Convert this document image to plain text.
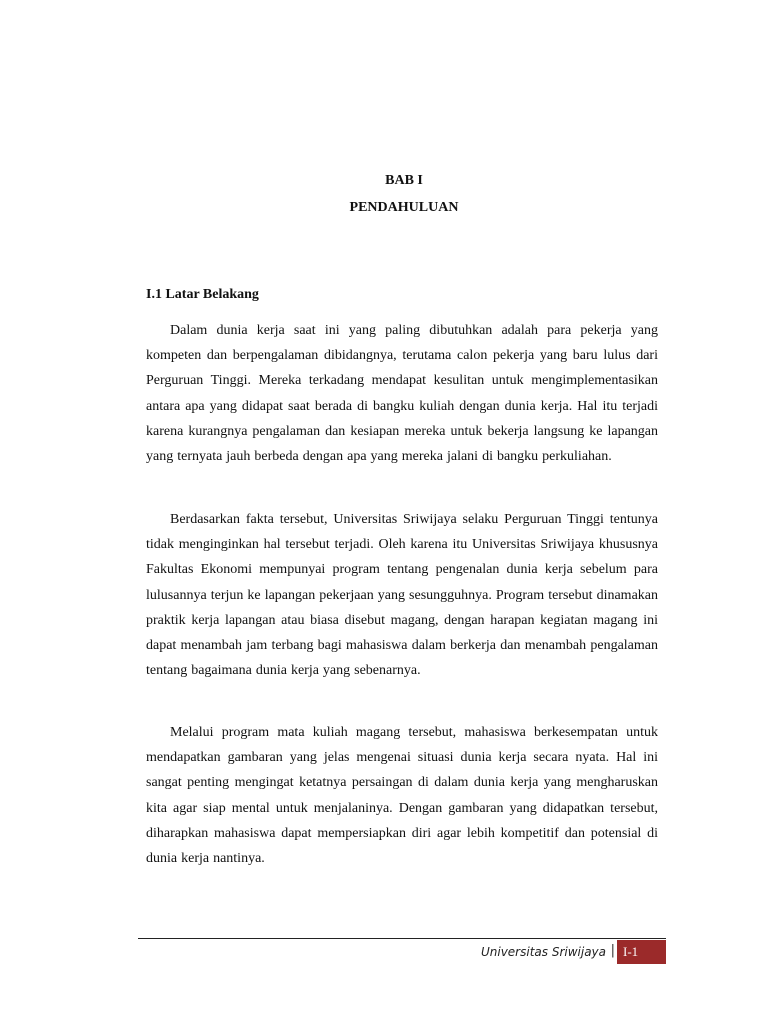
BAB I
PENDAHULUAN
I.1 Latar Belakang

Dalam dunia kerja saat ini yang paling dibutuhkan adalah para pekerja yang kompeten dan berpengalaman dibidangnya, terutama calon pekerja yang baru lulus dari Perguruan Tinggi. Mereka terkadang mendapat kesulitan untuk mengimplementasikan antara apa yang didapat saat berada di bangku kuliah dengan dunia kerja. Hal itu terjadi karena kurangnya pengalaman dan kesiapan mereka untuk bekerja langsung ke lapangan yang ternyata jauh berbeda dengan apa yang mereka jalani di bangku perkuliahan.

Berdasarkan fakta tersebut, Universitas Sriwijaya selaku Perguruan Tinggi tentunya tidak menginginkan hal tersebut terjadi. Oleh karena itu Universitas Sriwijaya khususnya Fakultas Ekonomi mempunyai program tentang pengenalan dunia kerja sebelum para lulusannya terjun ke lapangan pekerjaan yang sesungguhnya. Program tersebut dinamakan praktik kerja lapangan atau biasa disebut magang, dengan harapan kegiatan magang ini dapat menambah jam terbang bagi mahasiswa dalam berkerja dan menambah pengalaman tentang bagaimana dunia kerja yang sebenarnya.

Melalui program mata kuliah magang tersebut, mahasiswa berkesempatan untuk mendapatkan gambaran yang jelas mengenai situasi dunia kerja secara nyata. Hal ini sangat penting mengingat ketatnya persaingan di dalam dunia kerja yang mengharuskan kita agar siap mental untuk menjalaninya. Dengan gambaran yang didapatkan tersebut, diharapkan mahasiswa dapat mempersiapkan diri agar lebih kompetitif dan potensial di dunia kerja nantinya.

Universitas Sriwijaya | I-1
